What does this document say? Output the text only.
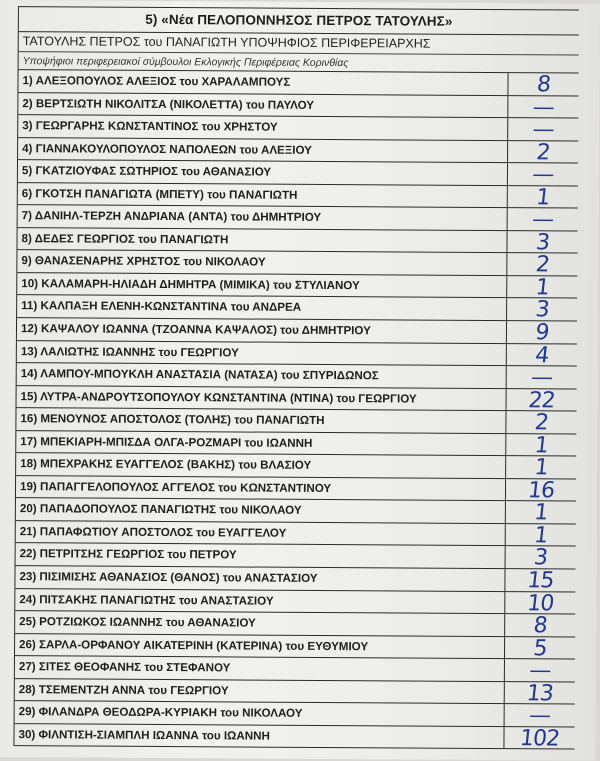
5) «Νέα ΠΕΛΟΠΟΝΝΗΣΟΣ ΠΕΤΡΟΣ ΤΑΤΟΥΛΗΣ»
ΤΑΤΟΥΛΗΣ ΠΕΤΡΟΣ του ΠΑΝΑΓΙΩΤΗ ΥΠΟΨΗΦΙΟΣ ΠΕΡΙΦΕΡΕΙΑΡΧΗΣ
Υποψήφιοι περιφερειακοί σύμβουλοι Εκλογικής Περιφέρειας Κορινθίας
1) ΑΛΕΞΟΠΟΥΛΟΣ ΑΛΕΞΙΟΣ του ΧΑΡΑΛΑΜΠΟΥΣ	8
2) ΒΕΡΤΣΙΩΤΗ ΝΙΚΟΛΙΤΣΑ (ΝΙΚΟΛΕΤΤΑ) του ΠΑΥΛΟΥ	—
3) ΓΕΩΡΓΑΡΗΣ ΚΩΝΣΤΑΝΤΙΝΟΣ του ΧΡΗΣΤΟΥ	—
4) ΓΙΑΝΝΑΚΟΥΛΟΠΟΥΛΟΣ ΝΑΠΟΛΕΩΝ του ΑΛΕΞΙΟΥ	2
5) ΓΚΑΤΖΙΟΥΦΑΣ ΣΩΤΗΡΙΟΣ του ΑΘΑΝΑΣΙΟΥ	—
6) ΓΚΟΤΣΗ ΠΑΝΑΓΙΩΤΑ (ΜΠΕΤΥ) του ΠΑΝΑΓΙΩΤΗ	1
7) ΔΑΝΙΗΛ-ΤΕΡΖΗ ΑΝΔΡΙΑΝΑ (ΑΝΤΑ) του ΔΗΜΗΤΡΙΟΥ	—
8) ΔΕΔΕΣ ΓΕΩΡΓΙΟΣ του ΠΑΝΑΓΙΩΤΗ	3
9) ΘΑΝΑΣΕΝΑΡΗΣ ΧΡΗΣΤΟΣ του ΝΙΚΟΛΑΟΥ	2
10) ΚΑΛΑΜΑΡΗ-ΗΛΙΑΔΗ ΔΗΜΗΤΡΑ (ΜΙΜΙΚΑ) του ΣΤΥΛΙΑΝΟΥ	1
11) ΚΑΛΠΑΞΗ ΕΛΕΝΗ-ΚΩΝΣΤΑΝΤΙΝΑ του ΑΝΔΡΕΑ	3
12) ΚΑΨΑΛΟΥ ΙΩΑΝΝΑ (ΤΖΟΑΝΝΑ ΚΑΨΑΛΟΣ) του ΔΗΜΗΤΡΙΟΥ	9
13) ΛΑΛΙΩΤΗΣ ΙΩΑΝΝΗΣ του ΓΕΩΡΓΙΟΥ	4
14) ΛΑΜΠΟΥ-ΜΠΟΥΚΛΗ ΑΝΑΣΤΑΣΙΑ (ΝΑΤΑΣΑ) του ΣΠΥΡΙΔΩΝΟΣ	—
15) ΛΥΤΡΑ-ΑΝΔΡΟΥΤΣΟΠΟΥΛΟΥ ΚΩΝΣΤΑΝΤΙΝΑ (ΝΤΙΝΑ) του ΓΕΩΡΓΙΟΥ	22
16) ΜΕΝΟΥΝΟΣ ΑΠΟΣΤΟΛΟΣ (ΤΟΛΗΣ) του ΠΑΝΑΓΙΩΤΗ	2
17) ΜΠΕΚΙΑΡΗ-ΜΠΙΣΔΑ ΟΛΓΑ-ΡΟΖΜΑΡΙ του ΙΩΑΝΝΗ	1
18) ΜΠΕΧΡΑΚΗΣ ΕΥΑΓΓΕΛΟΣ (ΒΑΚΗΣ) του ΒΛΑΣΙΟΥ	1
19) ΠΑΠΑΓΓΕΛΟΠΟΥΛΟΣ ΑΓΓΕΛΟΣ του ΚΩΝΣΤΑΝΤΙΝΟΥ	16
20) ΠΑΠΑΔΟΠΟΥΛΟΣ ΠΑΝΑΓΙΩΤΗΣ του ΝΙΚΟΛΑΟΥ	1
21) ΠΑΠΑΦΩΤΙΟΥ ΑΠΟΣΤΟΛΟΣ του ΕΥΑΓΓΕΛΟΥ	1
22) ΠΕΤΡΙΤΣΗΣ ΓΕΩΡΓΙΟΣ του ΠΕΤΡΟΥ	3
23) ΠΙΣΙΜΙΣΗΣ ΑΘΑΝΑΣΙΟΣ (ΘΑΝΟΣ) του ΑΝΑΣΤΑΣΙΟΥ	15
24) ΠΙΤΣΑΚΗΣ ΠΑΝΑΓΙΩΤΗΣ του ΑΝΑΣΤΑΣΙΟΥ	10
25) ΡΟΤΖΙΩΚΟΣ ΙΩΑΝΝΗΣ του ΑΘΑΝΑΣΙΟΥ	8
26) ΣΑΡΛΑ-ΟΡΦΑΝΟΥ ΑΙΚΑΤΕΡΙΝΗ (ΚΑΤΕΡΙΝΑ) του ΕΥΘΥΜΙΟΥ	5
27) ΣΙΤΕΣ ΘΕΟΦΑΝΗΣ του ΣΤΕΦΑΝΟΥ	—
28) ΤΣΕΜΕΝΤΖΗ ΑΝΝΑ του ΓΕΩΡΓΙΟΥ	13
29) ΦΙΛΑΝΔΡΑ ΘΕΟΔΩΡΑ-ΚΥΡΙΑΚΗ του ΝΙΚΟΛΑΟΥ	—
30) ΦΙΛΝΤΙΣΗ-ΣΙΑΜΠΛΗ ΙΩΑΝΝΑ του ΙΩΑΝΝΗ	102
